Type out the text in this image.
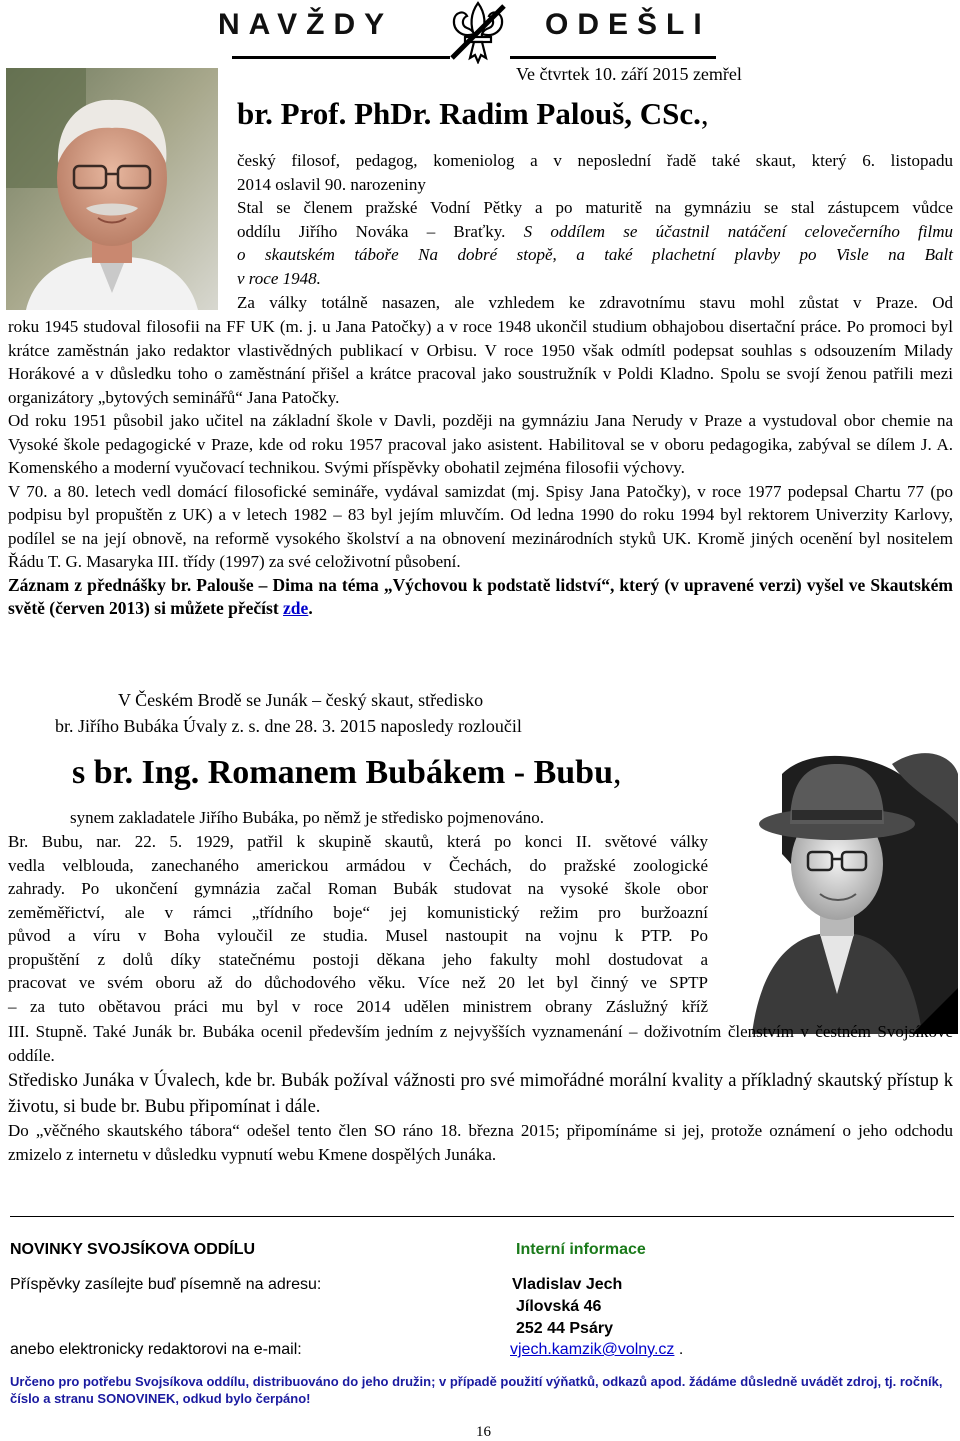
NAVŽDY	ODEŠLI
Ve čtvrtek 10. září 2015 zemřel
br. Prof. PhDr. Radim Palouš, CSc.,

český filosof, pedagog, komeniolog a v neposlední řadě také skaut, který 6. listopadu

2014 oslavil 90. narozeniny

Stal se členem pražské Vodní Pětky a po maturitě na gymnáziu se stal zástupcem vůdce

oddílu Jiřího Nováka – Braťky. S oddílem se účastnil natáčení celovečerního filmu

o skautském táboře Na dobré stopě, a také plachetní plavby po Visle na Balt

v roce 1948.

Za války totálně nasazen, ale vzhledem ke zdravotnímu stavu mohl zůstat v Praze. Od

roku 1945 studoval filosofii na FF UK (m. j. u Jana Patočky) a v roce 1948 ukončil studium obhajobou disertační práce. Po promoci byl krátce zaměstnán jako redaktor vlastivědných publikací v Orbisu. V roce 1950 však odmítl podepsat souhlas s odsouzením Milady Horákové a v důsledku toho o zaměstnání přišel a krátce pracoval jako soustružník v Poldi Kladno. Spolu se svojí ženou patřili mezi organizátory „bytových seminářů“ Jana Patočky.

Od roku 1951 působil jako učitel na základní škole v Davli, později na gymnáziu Jana Nerudy v Praze a vystudoval obor chemie na Vysoké škole pedagogické v Praze, kde od roku 1957 pracoval jako asistent. Habilitoval se v oboru pedagogika, zabýval se dílem J. A. Komenského a moderní vyučovací technikou. Svými příspěvky obohatil zejména filosofii výchovy.

V 70. a 80. letech vedl domácí filosofické semináře, vydával samizdat (mj. Spisy Jana Patočky), v roce 1977 podepsal Chartu 77 (po podpisu byl propuštěn z UK) a v letech 1982 – 83 byl jejím mluvčím. Od ledna 1990 do roku 1994 byl rektorem Univerzity Karlovy, podílel se na její obnově, na reformě vysokého školství a na obnovení mezinárodních styků UK. Kromě jiných ocenění byl nositelem Řádu T. G. Masaryka III. třídy (1997) za své celoživotní působení.

Záznam z přednášky br. Palouše – Dima na téma „Výchovou k podstatě lidství“, který (v upravené verzi) vyšel ve Skautském světě (červen 2013) si můžete přečíst zde.

V Českém Brodě se Junák – český skaut, středisko
br. Jiřího Bubáka Úvaly z. s. dne 28. 3. 2015 naposledy rozloučil
s br. Ing. Romanem Bubákem - Bubu,
synem zakladatele Jiřího Bubáka, po němž je středisko pojmenováno.

Br. Bubu, nar. 22. 5. 1929, patřil k skupině skautů, která po konci II. světové války

vedla velblouda, zanechaného americkou armádou v Čechách, do pražské zoologické

zahrady. Po ukončení gymnázia začal Roman Bubák studovat na vysoké škole obor

zeměměřictví, ale v rámci „třídního boje“ jej komunistický režim pro buržoazní

původ a víru v Boha vyloučil ze studia. Musel nastoupit na vojnu k PTP. Po

propuštění z dolů díky statečnému postoji děkana jeho fakulty mohl dostudovat a

pracovat ve svém oboru až do důchodového věku. Více než 20 let byl činný ve SPTP

– za tuto obětavou práci mu byl v roce 2014 udělen ministrem obrany Záslužný kříž

III. Stupně. Také Junák br. Bubáka ocenil především jedním z nejvyšších vyznamenání – doživotním členstvím v čestném Svojsíkově oddíle.
Středisko Junáka v Úvalech, kde br. Bubák požíval vážnosti pro své mimořádné morální kvality a příkladný skautský přístup k životu, si bude br. Bubu připomínat i dále.
Do „věčného skautského tábora“ odešel tento člen SO ráno 18. března 2015; připomínáme si jej, protože oznámení o jeho odchodu zmizelo z internetu v důsledku vypnutí webu Kmene dospělých Junáka.
NOVINKY SVOJSÍKOVA ODDÍLU	Interní informace
Příspěvky zasílejte buď písemně na adresu:	Vladislav Jech
Jílovská 46
252 44 Psáry
anebo elektronicky redaktorovi na e-mail:	vjech.kamzik@volny.cz .
Určeno pro potřebu Svojsíkova oddílu, distribuováno do jeho družin; v případě použití výňatků, odkazů apod. žádáme důsledně uvádět zdroj, tj. ročník, číslo a stranu SONOVINEK, odkud bylo čerpáno!
16
